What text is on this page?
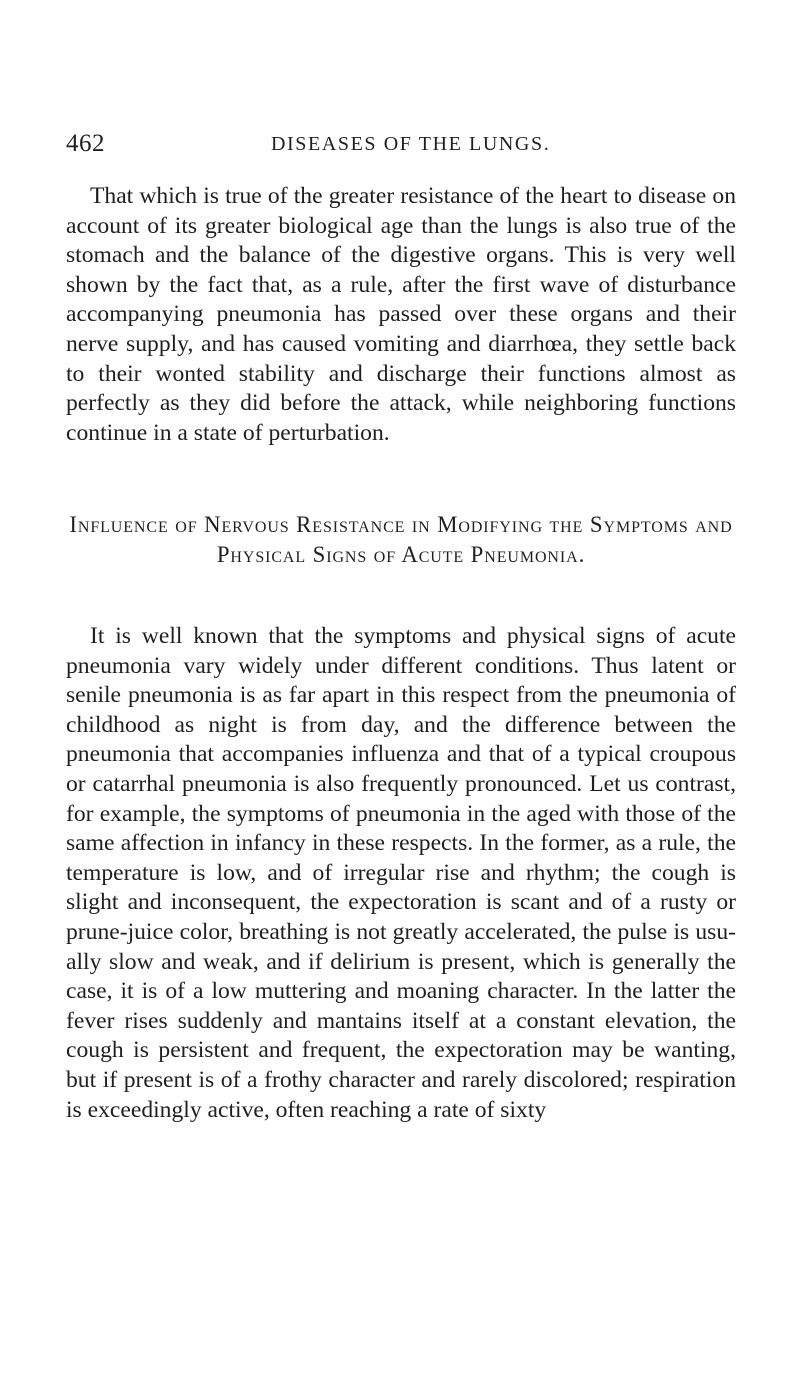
462	DISEASES OF THE LUNGS.

That which is true of the greater resistance of the heart to disease on account of its greater biological age than the lungs is also true of the stomach and the balance of the digestive organs. This is very well shown by the fact that, as a rule, after the first wave of disturbance accompanying pneumonia has passed over these organs and their nerve supply, and has caused vomiting and diarrhœa, they settle back to their wonted stability and discharge their functions almost as perfectly as they did before the attack, while neighboring functions continue in a state of perturbation.

Influence of Nervous Resistance in Modifying the Symptoms and Physical Signs of Acute Pneumonia.

It is well known that the symptoms and physical signs of acute pneumonia vary widely under different conditions. Thus latent or senile pneumonia is as far apart in this respect from the pneumonia of childhood as night is from day, and the difference between the pneumonia that accompanies influenza and that of a typical croupous or catarrhal pneumonia is also frequently pronounced. Let us contrast, for example, the symptoms of pneumonia in the aged with those of the same affection in infancy in these respects. In the former, as a rule, the temperature is low, and of irregular rise and rhythm; the cough is slight and inconsequent, the expectoration is scant and of a rusty or prune-juice color, breathing is not greatly accelerated, the pulse is usually slow and weak, and if delirium is present, which is generally the case, it is of a low muttering and moaning character. In the latter the fever rises suddenly and mantains itself at a constant elevation, the cough is persistent and frequent, the expectoration may be wanting, but if present is of a frothy character and rarely discolored; respiration is exceedingly active, often reaching a rate of sixty
